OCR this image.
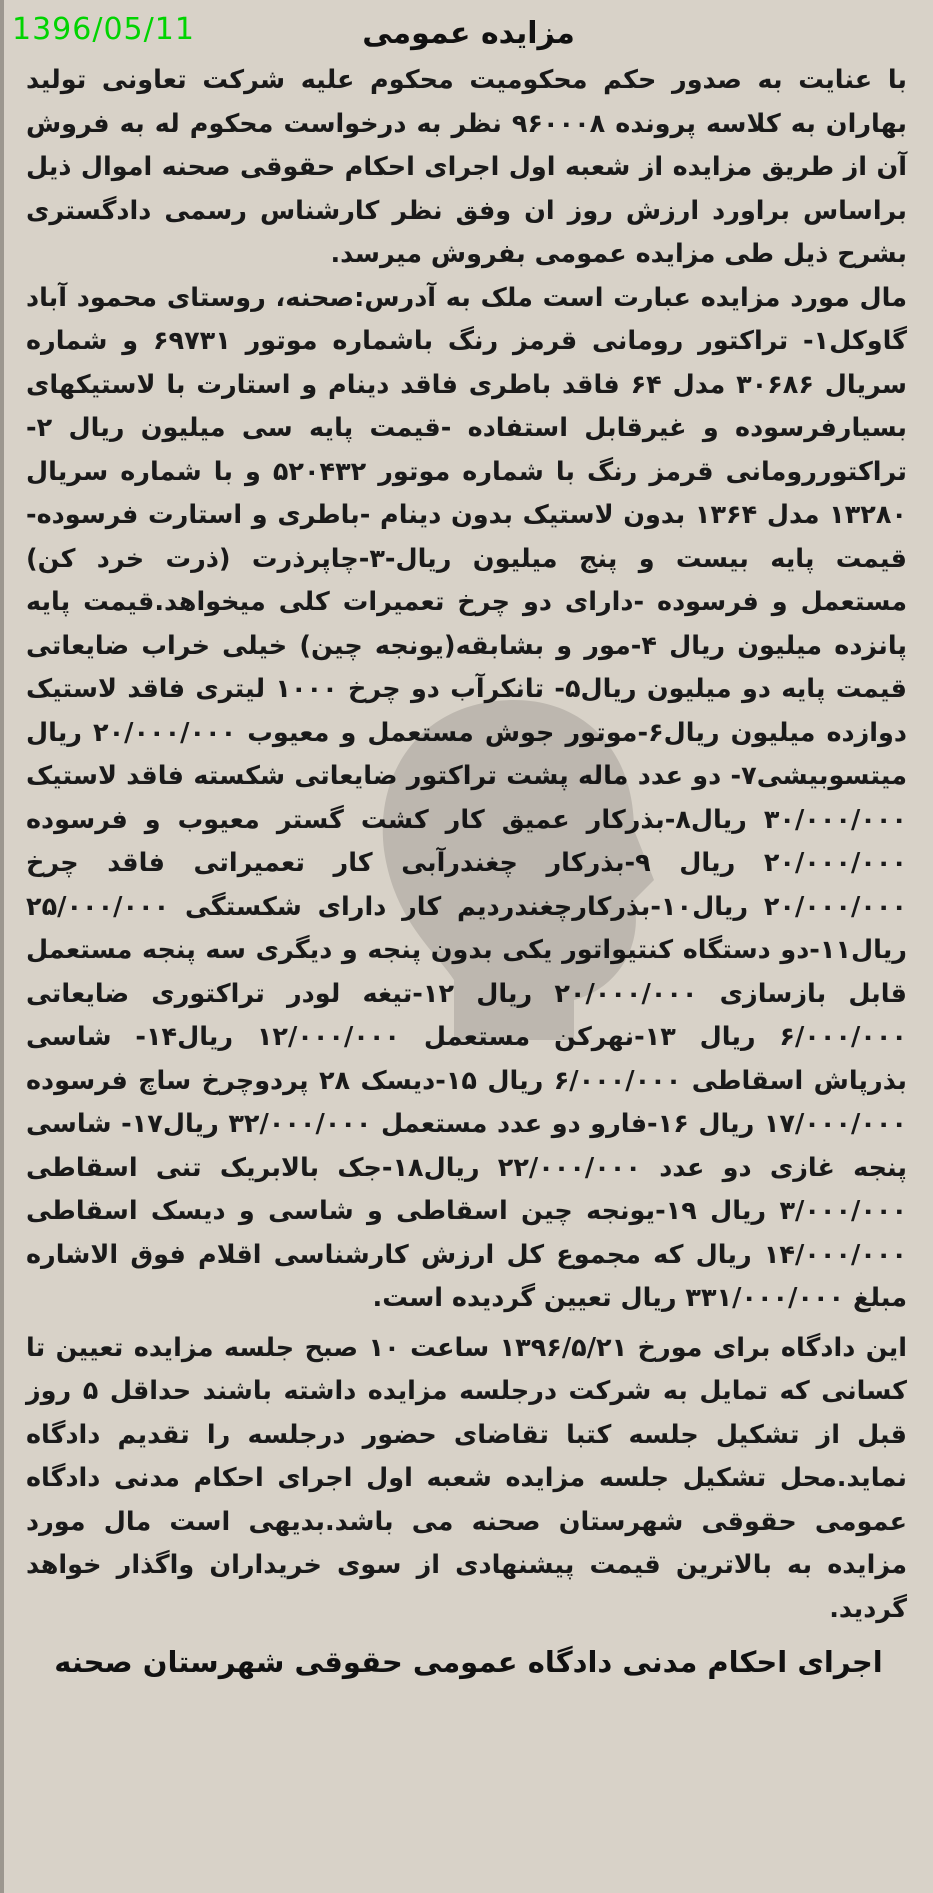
1396/05/11	مزایده عمومی

با عنایت به صدور حکم محکومیت محکوم علیه شرکت تعاونی تولید بهاران به کلاسه پرونده ۹۶۰۰۰۸ نظر به درخواست محکوم له به فروش آن از طریق مزایده از شعبه اول اجرای احکام حقوقی صحنه اموال ذیل براساس براورد ارزش روز ان وفق نظر کارشناس رسمی دادگستری بشرح ذیل طی مزایده عمومی بفروش میرسد.

مال مورد مزایده عبارت است ملک به آدرس:صحنه، روستای محمود آباد گاوکل۱- تراکتور رومانی قرمز رنگ باشماره موتور ۶۹۷۳۱ و شماره سریال ۳۰۶۸۶ مدل ۶۴ فاقد باطری فاقد دینام و استارت با لاستیکهای بسیارفرسوده و غیرقابل استفاده -قیمت پایه سی میلیون ریال ۲- تراکتوررومانی قرمز رنگ با شماره موتور ۵۲۰۴۳۲ و با شماره سریال ۱۳۲۸۰ مدل ۱۳۶۴ بدون لاستیک بدون دینام -باطری و استارت فرسوده-قیمت پایه بیست و پنج میلیون ریال-۳-چاپرذرت (ذرت خرد کن) مستعمل و فرسوده -دارای دو چرخ تعمیرات کلی میخواهد.قیمت پایه پانزده میلیون ریال ۴-مور و بشابقه(یونجه چین) خیلی خراب ضایعاتی قیمت پایه دو میلیون ریال۵- تانکرآب دو چرخ ۱۰۰۰ لیتری فاقد لاستیک دوازده میلیون ریال۶-موتور جوش مستعمل و معیوب ۲۰/۰۰۰/۰۰۰ ریال میتسوبیشی۷- دو عدد ماله پشت تراکتور ضایعاتی شکسته فاقد لاستیک ۳۰/۰۰۰/۰۰۰ ریال۸-بذرکار عمیق کار کشت گستر معیوب و فرسوده ۲۰/۰۰۰/۰۰۰ ریال ۹-بذرکار چغندرآبی کار تعمیراتی فاقد چرخ ۲۰/۰۰۰/۰۰۰ ریال۱۰-بذرکارچغندردیم کار دارای شکستگی ۲۵/۰۰۰/۰۰۰ ریال۱۱-دو دستگاه کنتیواتور یکی بدون پنجه و دیگری سه پنجه مستعمل قابل بازسازی ۲۰/۰۰۰/۰۰۰ ریال ۱۲-تیغه لودر تراکتوری ضایعاتی ۶/۰۰۰/۰۰۰ ریال ۱۳-نهرکن مستعمل ۱۲/۰۰۰/۰۰۰ ریال۱۴- شاسی بذرپاش اسقاطی ۶/۰۰۰/۰۰۰ ریال ۱۵-دیسک ۲۸ پردوچرخ ساچ فرسوده ۱۷/۰۰۰/۰۰۰ ریال ۱۶-فارو دو عدد مستعمل ۳۲/۰۰۰/۰۰۰ ریال۱۷- شاسی پنجه غازی دو عدد ۲۲/۰۰۰/۰۰۰ ریال۱۸-جک بالابریک تنی اسقاطی ۳/۰۰۰/۰۰۰ ریال ۱۹-یونجه چین اسقاطی و شاسی و دیسک اسقاطی ۱۴/۰۰۰/۰۰۰ ریال که مجموع کل ارزش کارشناسی اقلام فوق الاشاره مبلغ ۳۳۱/۰۰۰/۰۰۰ ریال تعیین گردیده است.

این دادگاه برای مورخ ۱۳۹۶/۵/۲۱ ساعت ۱۰ صبح جلسه مزایده تعیین تا کسانی که تمایل به شرکت درجلسه مزایده داشته باشند حداقل ۵ روز قبل از تشکیل جلسه کتبا تقاضای حضور درجلسه را تقدیم دادگاه نماید.محل تشکیل جلسه مزایده شعبه اول اجرای احکام مدنی دادگاه عمومی حقوقی شهرستان صحنه می باشد.بدیهی است مال مورد مزایده به بالاترین قیمت پیشنهادی از سوی خریداران واگذار خواهد گردید.

اجرای احکام مدنی دادگاه عمومی حقوقی شهرستان صحنه
